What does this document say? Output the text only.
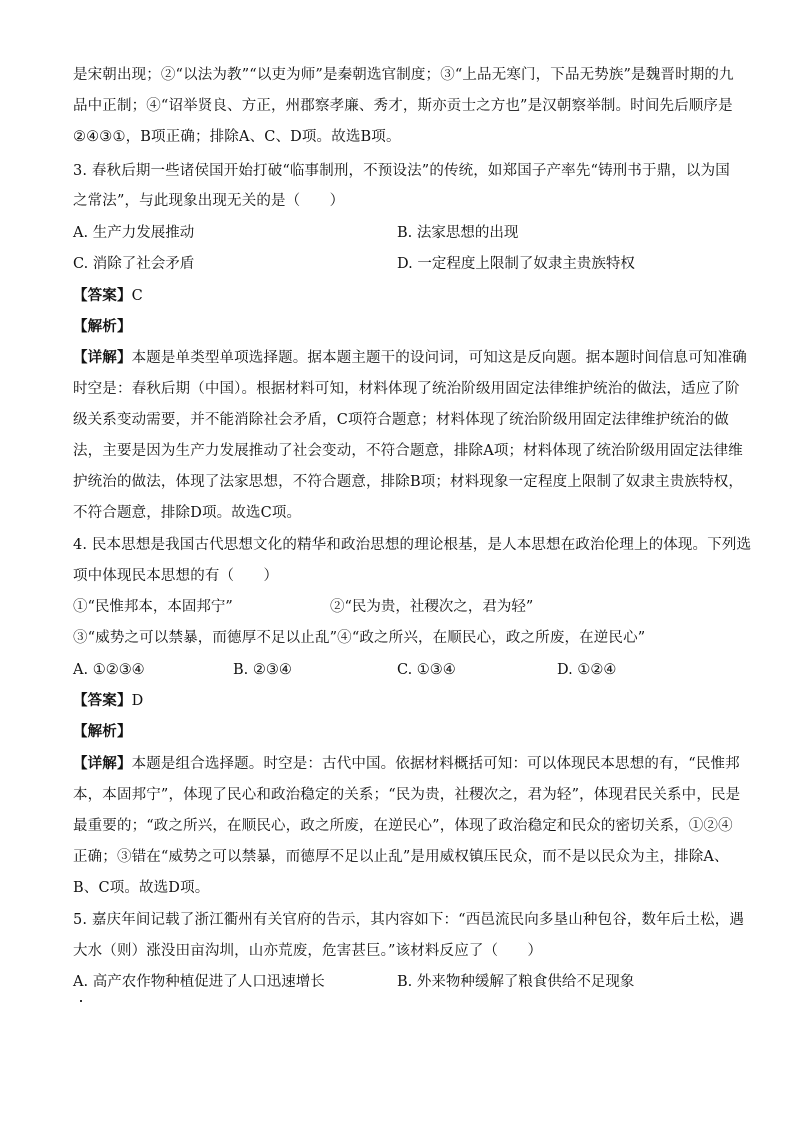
是宋朝出现；②“以法为教”“以吏为师”是秦朝选官制度；③“上品无寒门，下品无势族”是魏晋时期的九
品中正制；④“诏举贤良、方正，州郡察孝廉、秀才，斯亦贡士之方也”是汉朝察举制。时间先后顺序是
②④③①，B项正确；排除A、C、D项。故选B项。
3. 春秋后期一些诸侯国开始打破“临事制刑，不预设法”的传统，如郑国子产率先“铸刑书于鼎，以为国
之常法”，与此现象出现无关的是（　　）
A. 生产力发展推动	B. 法家思想的出现
C. 消除了社会矛盾	D. 一定程度上限制了奴隶主贵族特权
【答案】C
【解析】
【详解】本题是单类型单项选择题。据本题主题干的设问词，可知这是反向题。据本题时间信息可知准确
时空是：春秋后期（中国）。根据材料可知，材料体现了统治阶级用固定法律维护统治的做法，适应了阶
级关系变动需要，并不能消除社会矛盾，C项符合题意；材料体现了统治阶级用固定法律维护统治的做
法，主要是因为生产力发展推动了社会变动，不符合题意，排除A项；材料体现了统治阶级用固定法律维
护统治的做法，体现了法家思想，不符合题意，排除B项；材料现象一定程度上限制了奴隶主贵族特权，
不符合题意，排除D项。故选C项。
4. 民本思想是我国古代思想文化的精华和政治思想的理论根基，是人本思想在政治伦理上的体现。下列选
项中体现民本思想的有（　　）
①“民惟邦本，本固邦宁”	②“民为贵，社稷次之，君为轻”
③“威势之可以禁暴，而德厚不足以止乱”④“政之所兴，在顺民心，政之所废，在逆民心”
A. ①②③④	B. ②③④	C. ①③④	D. ①②④
【答案】D
【解析】
【详解】本题是组合选择题。时空是：古代中国。依据材料概括可知：可以体现民本思想的有，“民惟邦
本，本固邦宁”，体现了民心和政治稳定的关系；“民为贵，社稷次之，君为轻”，体现君民关系中，民是
最重要的；“政之所兴，在顺民心，政之所废，在逆民心”，体现了政治稳定和民众的密切关系，①②④
正确；③错在“威势之可以禁暴，而德厚不足以止乱”是用威权镇压民众，而不是以民众为主，排除A、
B、C项。故选D项。
5. 嘉庆年间记载了浙江衢州有关官府的告示，其内容如下：“西邑流民向多垦山种包谷，数年后土松，遇
大水（则）涨没田亩沟圳，山亦荒废，危害甚巨。”该材料反应了（　　）
A. 高产农作物种植促进了人口迅速增长	B. 外来物种缓解了粮食供给不足现象
